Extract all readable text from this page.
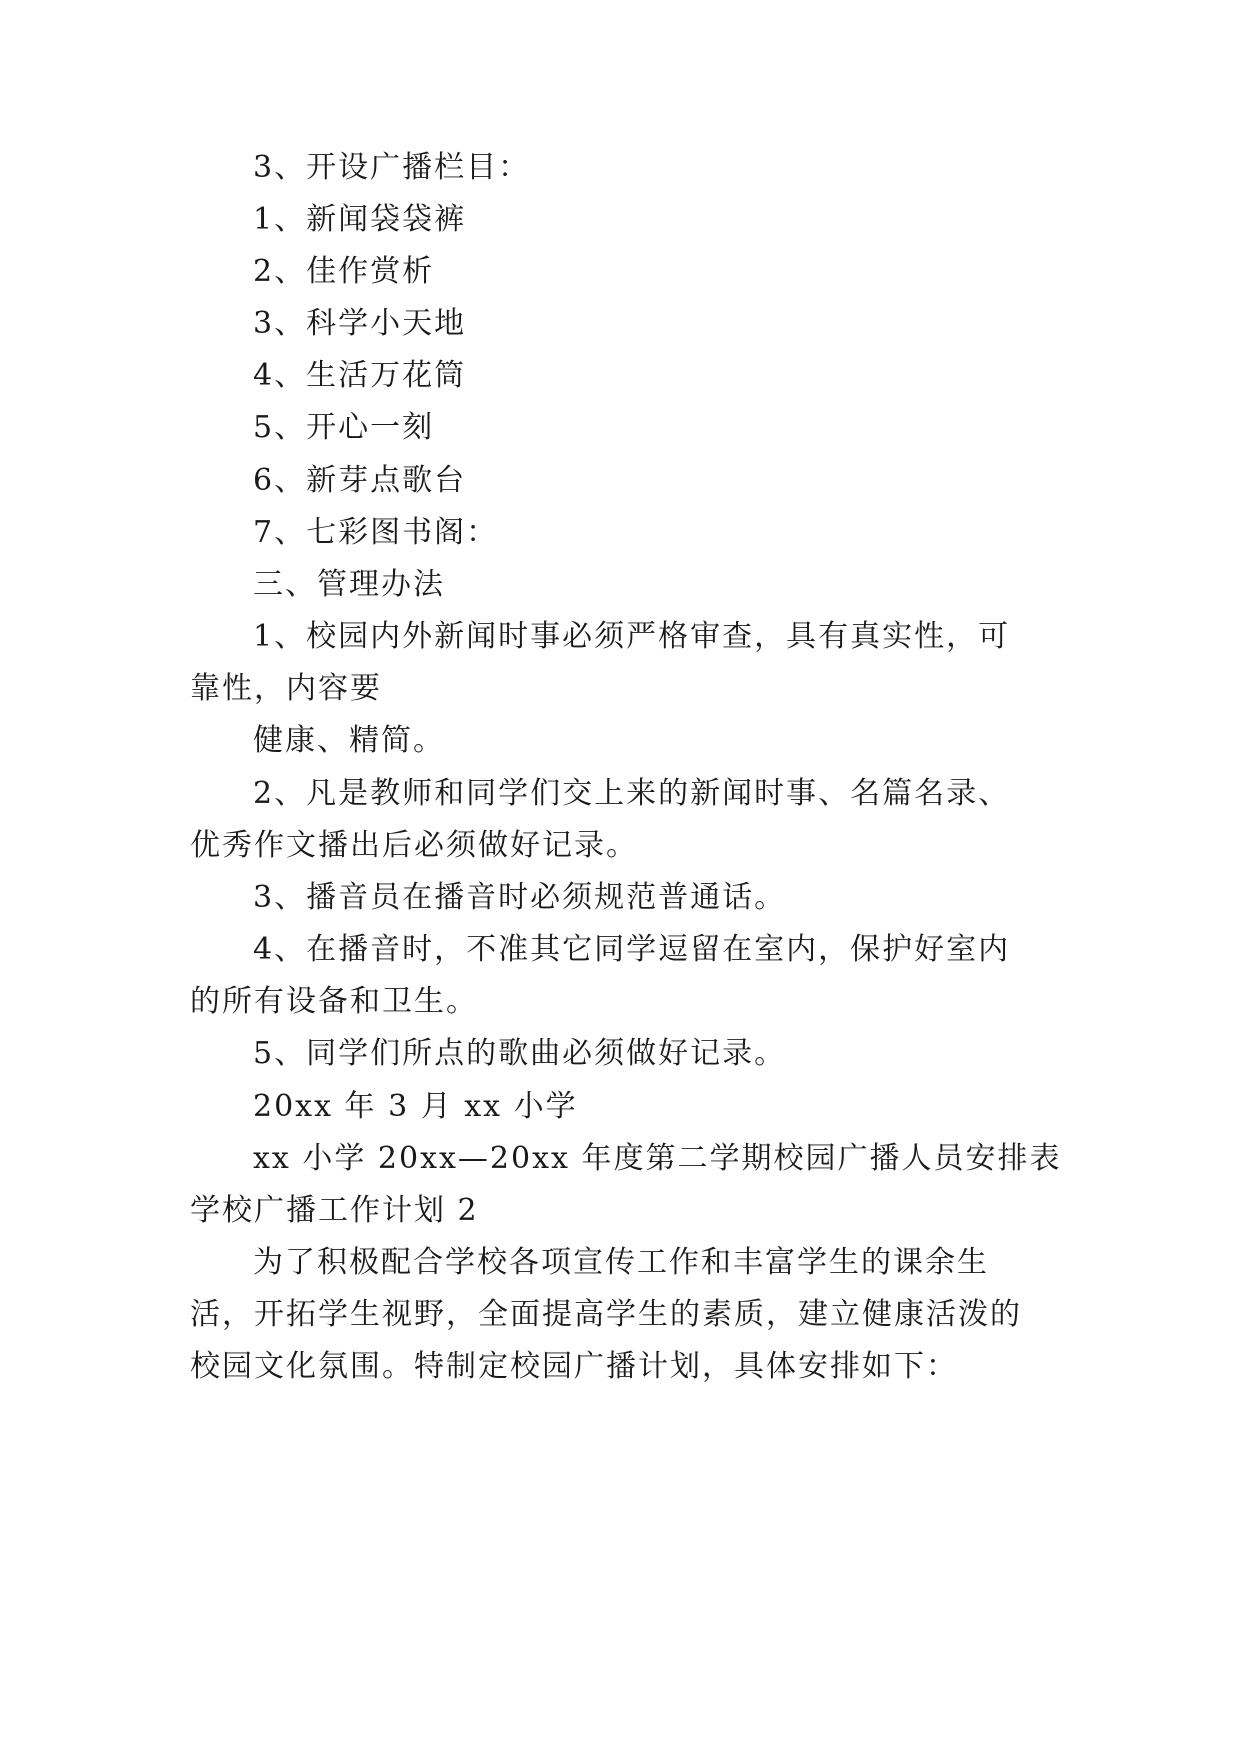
3、开设广播栏目：
1、新闻袋袋裤
2、佳作赏析
3、科学小天地
4、生活万花筒
5、开心一刻
6、新芽点歌台
7、七彩图书阁：
三、管理办法
1、校园内外新闻时事必须严格审查，具有真实性，可
靠性，内容要
健康、精简。
2、凡是教师和同学们交上来的新闻时事、名篇名录、
优秀作文播出后必须做好记录。
3、播音员在播音时必须规范普通话。
4、在播音时，不准其它同学逗留在室内，保护好室内
的所有设备和卫生。
5、同学们所点的歌曲必须做好记录。
20xx 年 3 月 xx 小学
xx 小学 20xx—20xx 年度第二学期校园广播人员安排表
学校广播工作计划 2
为了积极配合学校各项宣传工作和丰富学生的课余生
活，开拓学生视野，全面提高学生的素质，建立健康活泼的
校园文化氛围。特制定校园广播计划，具体安排如下：
